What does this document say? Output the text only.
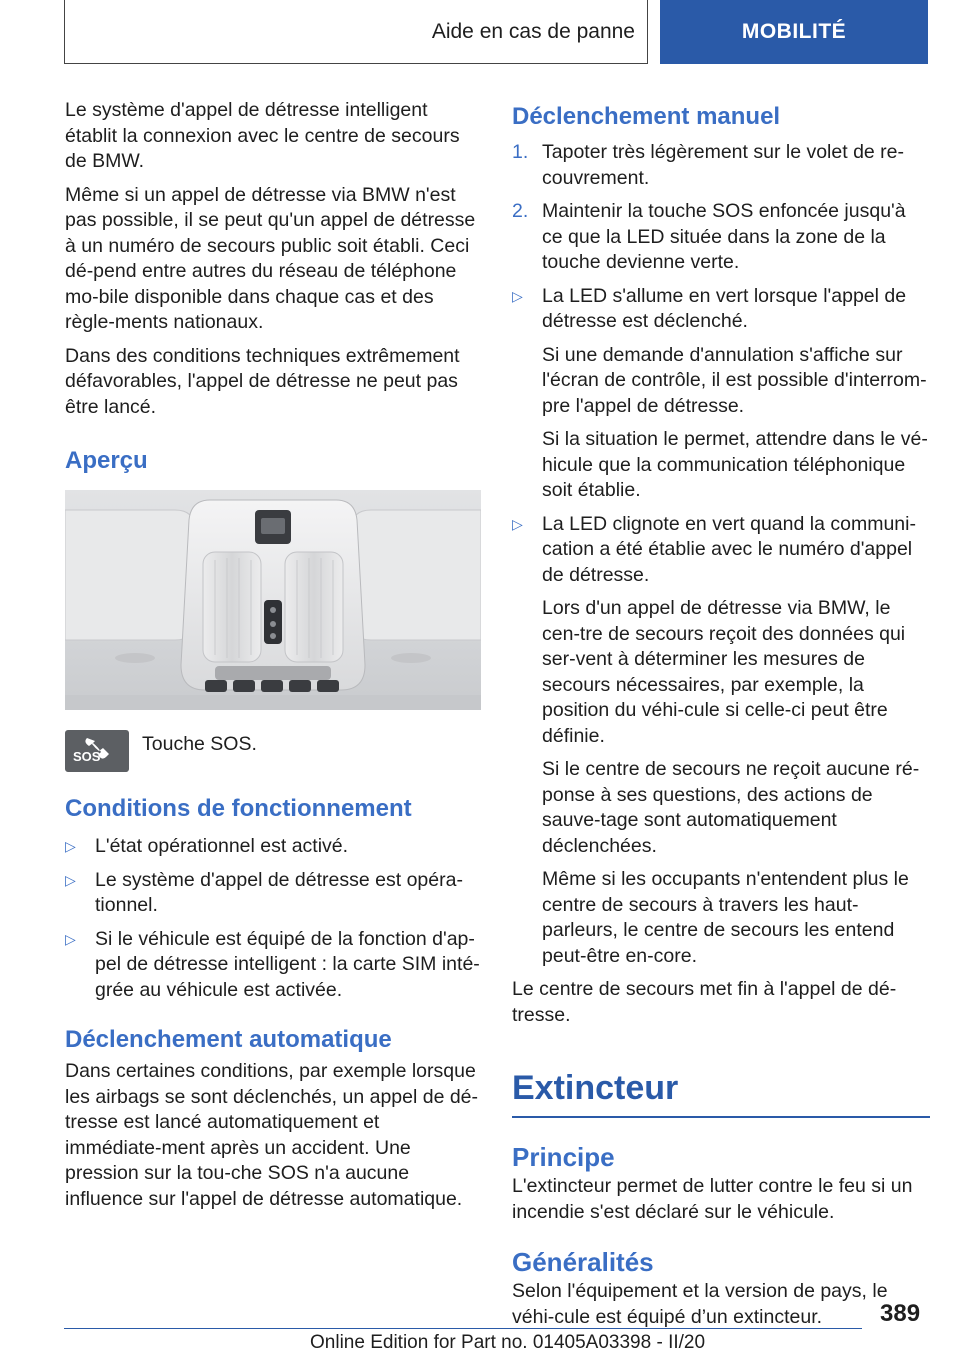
Aide en cas de panne	MOBILITÉ

Le système d'appel de détresse intelligent établit la connexion avec le centre de secours de BMW.

Même si un appel de détresse via BMW n'est pas possible, il se peut qu'un appel de détresse à un numéro de secours public soit établi. Ceci dé‐pend entre autres du réseau de téléphone mo‐bile disponible dans chaque cas et des règle‐ments nationaux.

Dans des conditions techniques extrêmement défavorables, l'appel de détresse ne peut pas être lancé.

Aperçu
SOS
Touche SOS.
Conditions de fonctionnement
▷ L'état opérationnel est activé.
▷ Le système d'appel de détresse est opéra‐tionnel.
▷ Si le véhicule est équipé de la fonction d'ap‐pel de détresse intelligent : la carte SIM inté‐grée au véhicule est activée.
Déclenchement automatique

Dans certaines conditions, par exemple lorsque les airbags se sont déclenchés, un appel de dé‐tresse est lancé automatiquement et immédiate‐ment après un accident. Une pression sur la tou‐che SOS n'a aucune influence sur l'appel de détresse automatique.

Déclenchement manuel
1. Tapoter très légèrement sur le volet de re‐couvrement.
2. Maintenir la touche SOS enfoncée jusqu'à ce que la LED située dans la zone de la touche devienne verte.
▷ La LED s'allume en vert lorsque l'appel de détresse est déclenché.

Si une demande d'annulation s'affiche sur l'écran de contrôle, il est possible d'interrom‐pre l'appel de détresse.

Si la situation le permet, attendre dans le vé‐hicule que la communication téléphonique soit établie.

▷ La LED clignote en vert quand la communi‐cation a été établie avec le numéro d'appel de détresse.

Lors d'un appel de détresse via BMW, le cen‐tre de secours reçoit des données qui ser‐vent à déterminer les mesures de secours nécessaires, par exemple, la position du véhi‐cule si celle-ci peut être définie.

Si le centre de secours ne reçoit aucune ré‐ponse à ses questions, des actions de sauve‐tage sont automatiquement déclenchées.

Même si les occupants n'entendent plus le centre de secours à travers les haut-parleurs, le centre de secours les entend peut-être en‐core.

Le centre de secours met fin à l'appel de dé‐tresse.

Extincteur
Principe

L'extincteur permet de lutter contre le feu si un incendie s'est déclaré sur le véhicule.

Généralités

Selon l'équipement et la version de pays, le véhi‐cule est équipé d’un extincteur.	389
Online Edition for Part no. 01405A03398 - II/20
